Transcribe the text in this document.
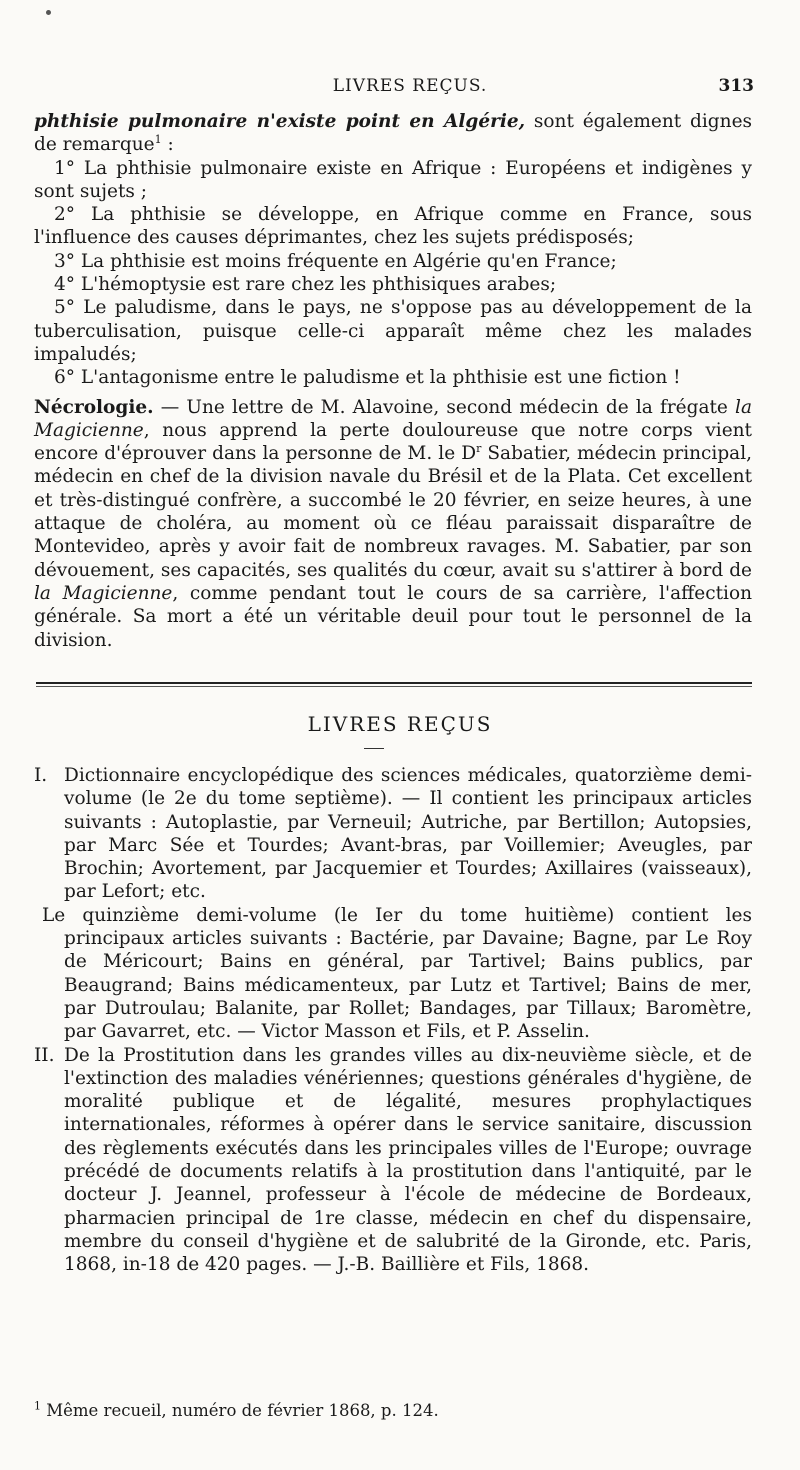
LIVRES REÇUS.	313

phthisie pulmonaire n'existe point en Algérie, sont également dignes de remarque$^1$ :

1° La phthisie pulmonaire existe en Afrique : Européens et indigènes y sont sujets ;

2° La phthisie se développe, en Afrique comme en France, sous l'influence des causes déprimantes, chez les sujets prédisposés;

3° La phthisie est moins fréquente en Algérie qu'en France;

4° L'hémoptysie est rare chez les phthisiques arabes;

5° Le paludisme, dans le pays, ne s'oppose pas au développement de la tuberculisation, puisque celle-ci apparaît même chez les malades impaludés;

6° L'antagonisme entre le paludisme et la phthisie est une fiction !

Nécrologie. — Une lettre de M. Alavoine, second médecin de la frégate la Magicienne, nous apprend la perte douloureuse que notre corps vient encore d'éprouver dans la personne de M. le $D^r$ Sabatier, médecin principal, médecin en chef de la division navale du Brésil et de la Plata. Cet excellent et très-distingué confrère, a succombé le 20 février, en seize heures, à une attaque de choléra, au moment où ce fléau paraissait disparaître de Montevideo, après y avoir fait de nombreux ravages. M. Sabatier, par son dévouement, ses capacités, ses qualités du cœur, avait su s'attirer à bord de la Magicienne, comme pendant tout le cours de sa carrière, l'affection générale. Sa mort a été un véritable deuil pour tout le personnel de la division.

LIVRES REÇUS
I. Dictionnaire encyclopédique des sciences médicales, quatorzième demi-volume (le 2e du tome septième). — Il contient les principaux articles suivants : Autoplastie, par Verneuil; Autriche, par Bertillon; Autopsies, par Marc Sée et Tourdes; Avant-bras, par Voillemier; Aveugles, par Brochin; Avortement, par Jacquemier et Tourdes; Axillaires (vaisseaux), par Lefort; etc.

Le quinzième demi-volume (le Ier du tome huitième) contient les principaux articles suivants : Bactérie, par Davaine; Bagne, par Le Roy de Méricourt; Bains en général, par Tartivel; Bains publics, par Beaugrand; Bains médicamenteux, par Lutz et Tartivel; Bains de mer, par Dutroulau; Balanite, par Rollet; Bandages, par Tillaux; Baromètre, par Gavarret, etc. — Victor Masson et Fils, et P. Asselin.

II. De la Prostitution dans les grandes villes au dix-neuvième siècle, et de l'extinction des maladies vénériennes; questions générales d'hygiène, de moralité publique et de légalité, mesures prophylactiques internationales, réformes à opérer dans le service sanitaire, discussion des règlements exécutés dans les principales villes de l'Europe; ouvrage précédé de documents relatifs à la prostitution dans l'antiquité, par le docteur J. Jeannel, professeur à l'école de médecine de Bordeaux, pharmacien principal de 1re classe, médecin en chef du dispensaire, membre du conseil d'hygiène et de salubrité de la Gironde, etc. Paris, 1868, in-18 de 420 pages. — J.-B. Baillière et Fils, 1868.

$^1$ Même recueil, numéro de février 1868, p. 124.
